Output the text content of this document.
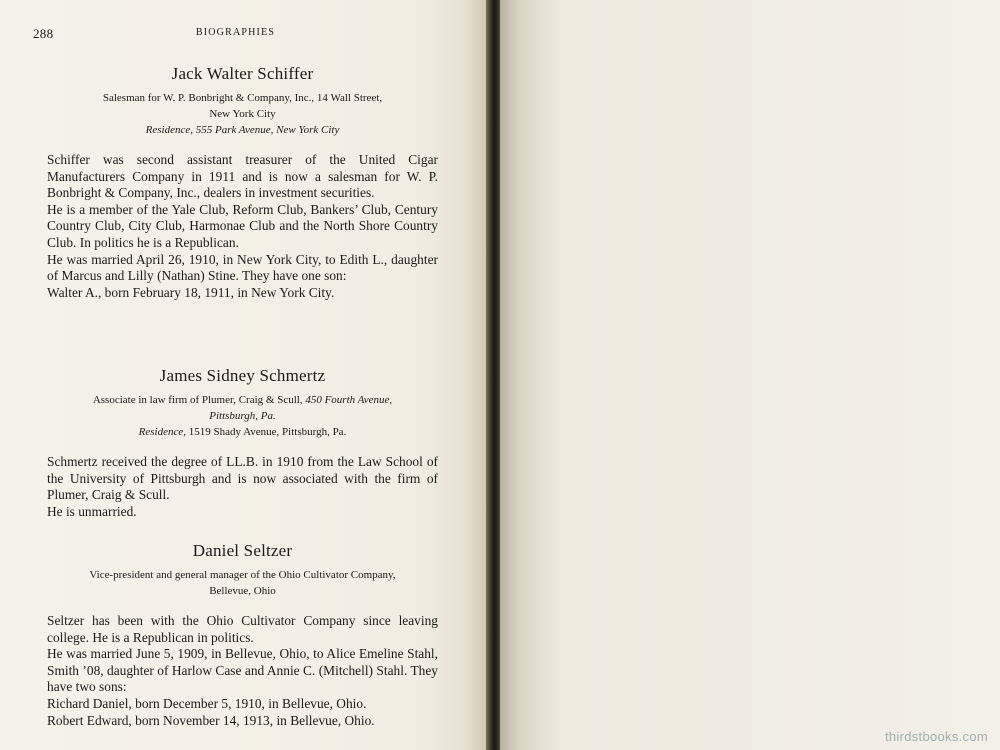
288	BIOGRAPHIES
Jack Walter Schiffer
Salesman for W. P. Bonbright & Company, Inc., 14 Wall Street,
New York City
Residence, 555 Park Avenue, New York City

Schiffer was second assistant treasurer of the United Cigar Manufacturers Company in 1911 and is now a salesman for W. P. Bonbright & Company, Inc., dealers in investment securities.

He is a member of the Yale Club, Reform Club, Bankers’ Club, Century Country Club, City Club, Harmonae Club and the North Shore Country Club. In politics he is a Republican.

He was married April 26, 1910, in New York City, to Edith L., daughter of Marcus and Lilly (Nathan) Stine. They have one son:

Walter A., born February 18, 1911, in New York City.

James Sidney Schmertz
Associate in law firm of Plumer, Craig & Scull, 450 Fourth Avenue,
Pittsburgh, Pa.
Residence, 1519 Shady Avenue, Pittsburgh, Pa.

Schmertz received the degree of LL.B. in 1910 from the Law School of the University of Pittsburgh and is now associated with the firm of Plumer, Craig & Scull.

He is unmarried.

Daniel Seltzer
Vice-president and general manager of the Ohio Cultivator Company,
Bellevue, Ohio

Seltzer has been with the Ohio Cultivator Company since leaving college. He is a Republican in politics.

He was married June 5, 1909, in Bellevue, Ohio, to Alice Emeline Stahl, Smith ’08, daughter of Harlow Case and Annie C. (Mitchell) Stahl. They have two sons:

Richard Daniel, born December 5, 1910, in Bellevue, Ohio.

Robert Edward, born November 14, 1913, in Bellevue, Ohio.

thirdstbooks.com
